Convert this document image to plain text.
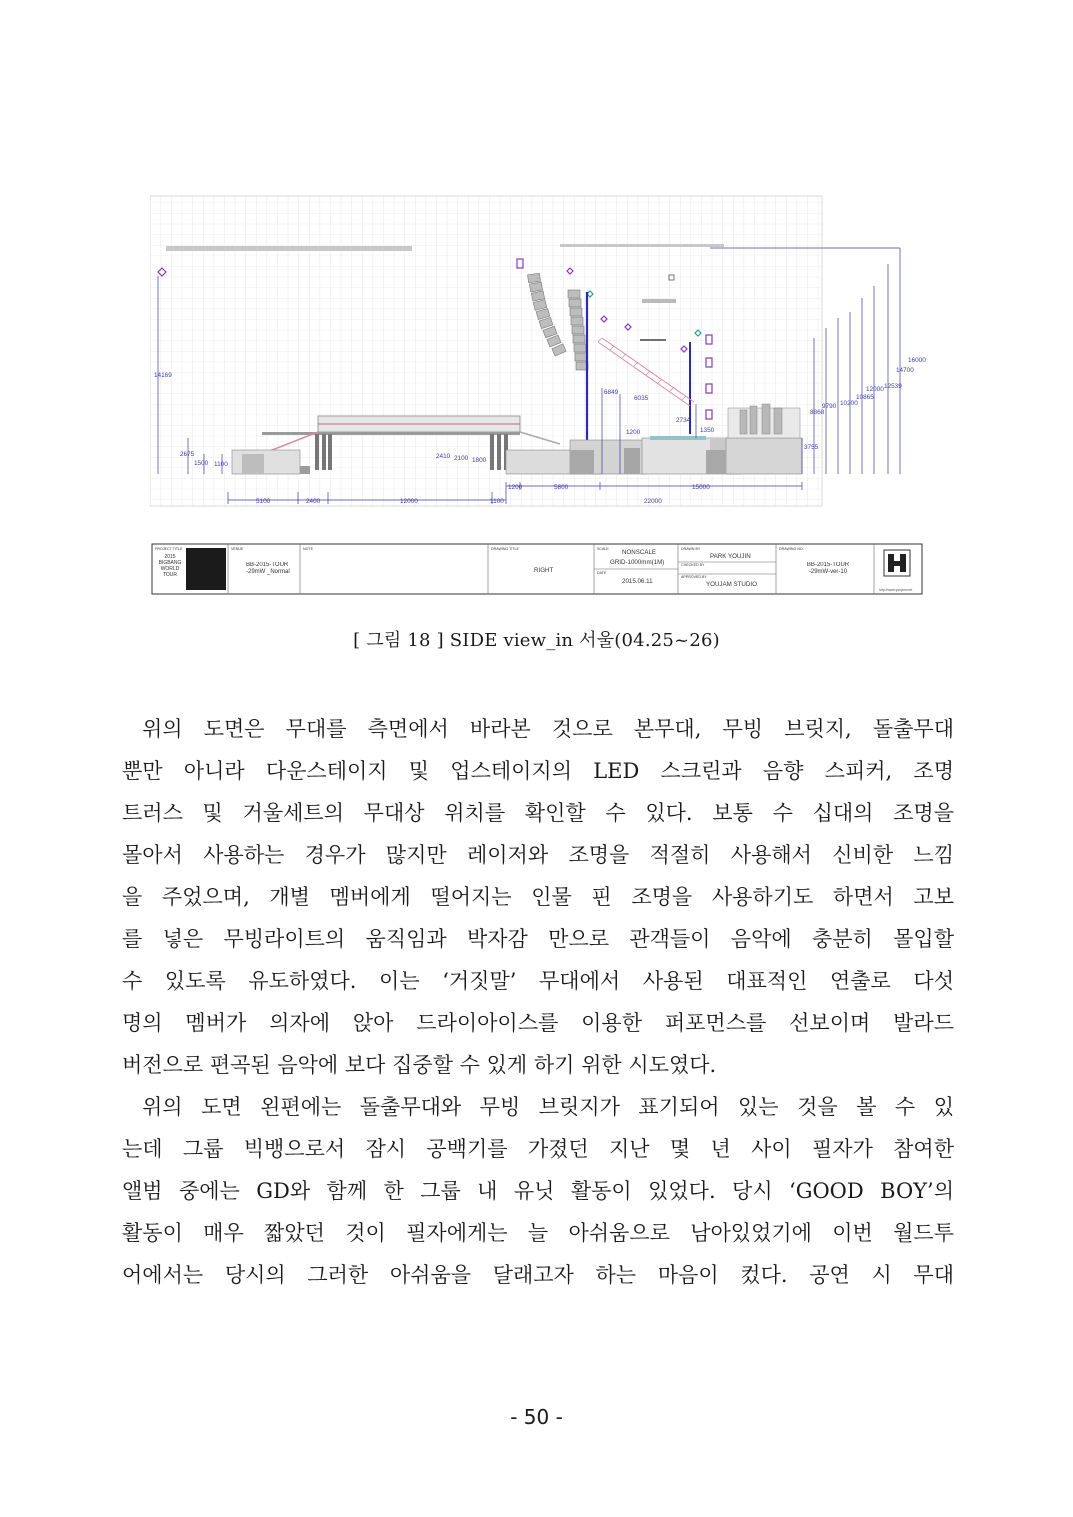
16000
14700
12539
12000
10865
10200
9790
8868
6849
6035
3755
2734
1350
1200
14169
2675
1500 1100
2410 2100 1800
5100	2400	12000	1100
1200	5800
22000
15000
PROJECT TITLE	VENUE	NOTE	DRAWING TITLE	SCALE
DATE
DRAWN BY
CHECKED BY
APPROVED BY
DRAWING NO.
2015 BIGBANG WORLD TOUR
BB-2015-TOUR -29mW _Normal	RIGHT
NONSCALE
GRID-1000mm(1M)
2015.06.11
PARK YOUJIN
YOUJAM STUDIO
BB-2015-TOUR -29mW-ver-10
http://www.youjam.net
[ 그림 18 ] SIDE view_in 서울(04.25~26)
위의 도면은 무대를 측면에서 바라본 것으로 본무대, 무빙 브릿지, 돌출무대
뿐만 아니라 다운스테이지 및 업스테이지의 LED 스크린과 음향 스피커, 조명
트러스 및 거울세트의 무대상 위치를 확인할 수 있다. 보통 수 십대의 조명을
몰아서 사용하는 경우가 많지만 레이저와 조명을 적절히 사용해서 신비한 느낌
을 주었으며, 개별 멤버에게 떨어지는 인물 핀 조명을 사용하기도 하면서 고보
를 넣은 무빙라이트의 움직임과 박자감 만으로 관객들이 음악에 충분히 몰입할
수 있도록 유도하였다. 이는 ‘거짓말’ 무대에서 사용된 대표적인 연출로 다섯
명의 멤버가 의자에 앉아 드라이아이스를 이용한 퍼포먼스를 선보이며 발라드
버전으로 편곡된 음악에 보다 집중할 수 있게 하기 위한 시도였다.
위의 도면 왼편에는 돌출무대와 무빙 브릿지가 표기되어 있는 것을 볼 수 있
는데 그룹 빅뱅으로서 잠시 공백기를 가졌던 지난 몇 년 사이 필자가 참여한
앨범 중에는 GD와 함께 한 그룹 내 유닛 활동이 있었다. 당시 ‘GOOD BOY’의
활동이 매우 짧았던 것이 필자에게는 늘 아쉬움으로 남아있었기에 이번 월드투
어에서는 당시의 그러한 아쉬움을 달래고자 하는 마음이 컸다. 공연 시 무대
- 50 -
